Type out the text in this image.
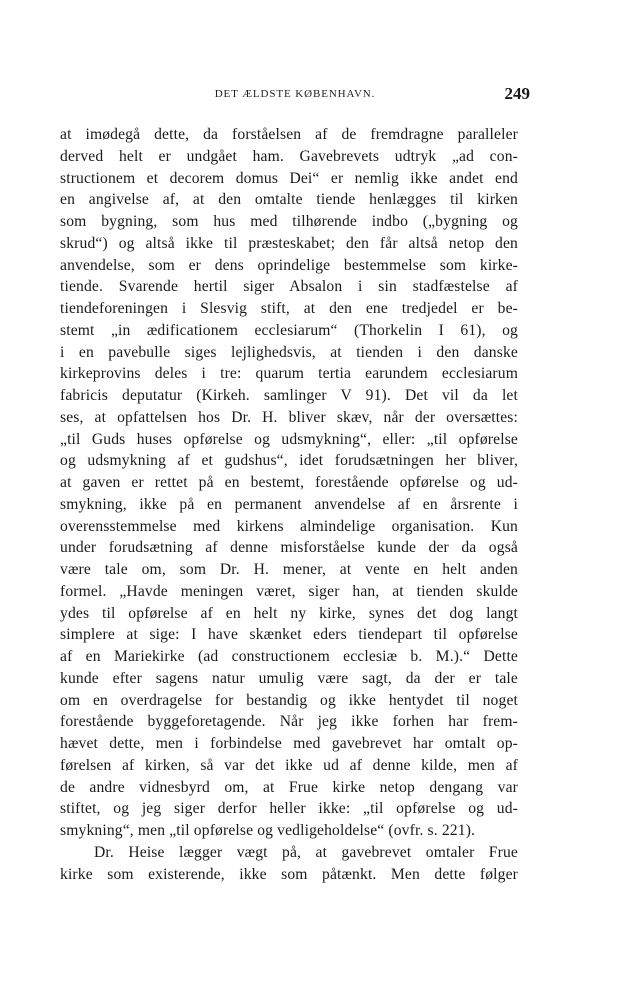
DET ÆLDSTE KØBENHAVN.	249
at imødegå dette, da forståelsen af de fremdragne paralleler
derved helt er undgået ham. Gavebrevets udtryk „ad con-
structionem et decorem domus Dei“ er nemlig ikke andet end
en angivelse af, at den omtalte tiende henlægges til kirken
som bygning, som hus med tilhørende indbo („bygning og
skrud“) og altså ikke til præsteskabet; den får altså netop den
anvendelse, som er dens oprindelige bestemmelse som kirke-
tiende. Svarende hertil siger Absalon i sin stadfæstelse af
tiendeforeningen i Slesvig stift, at den ene tredjedel er be-
stemt „in ædificationem ecclesiarum“ (Thorkelin I 61), og
i en pavebulle siges lejlighedsvis, at tienden i den danske
kirkeprovins deles i tre: quarum tertia earundem ecclesiarum
fabricis deputatur (Kirkeh. samlinger V 91). Det vil da let
ses, at opfattelsen hos Dr. H. bliver skæv, når der oversættes:
„til Guds huses opførelse og udsmykning“, eller: „til opførelse
og udsmykning af et gudshus“, idet forudsætningen her bliver,
at gaven er rettet på en bestemt, forestående opførelse og ud-
smykning, ikke på en permanent anvendelse af en årsrente i
overensstemmelse med kirkens almindelige organisation. Kun
under forudsætning af denne misforståelse kunde der da også
være tale om, som Dr. H. mener, at vente en helt anden
formel. „Havde meningen været, siger han, at tienden skulde
ydes til opførelse af en helt ny kirke, synes det dog langt
simplere at sige: I have skænket eders tiendepart til opførelse
af en Mariekirke (ad constructionem ecclesiæ b. M.).“ Dette
kunde efter sagens natur umulig være sagt, da der er tale
om en overdragelse for bestandig og ikke hentydet til noget
forestående byggeforetagende. Når jeg ikke forhen har frem-
hævet dette, men i forbindelse med gavebrevet har omtalt op-
førelsen af kirken, så var det ikke ud af denne kilde, men af
de andre vidnesbyrd om, at Frue kirke netop dengang var
stiftet, og jeg siger derfor heller ikke: „til opførelse og ud-
smykning“, men „til opførelse og vedligeholdelse“ (ovfr. s. 221).
Dr. Heise lægger vægt på, at gavebrevet omtaler Frue
kirke som existerende, ikke som påtænkt. Men dette følger
